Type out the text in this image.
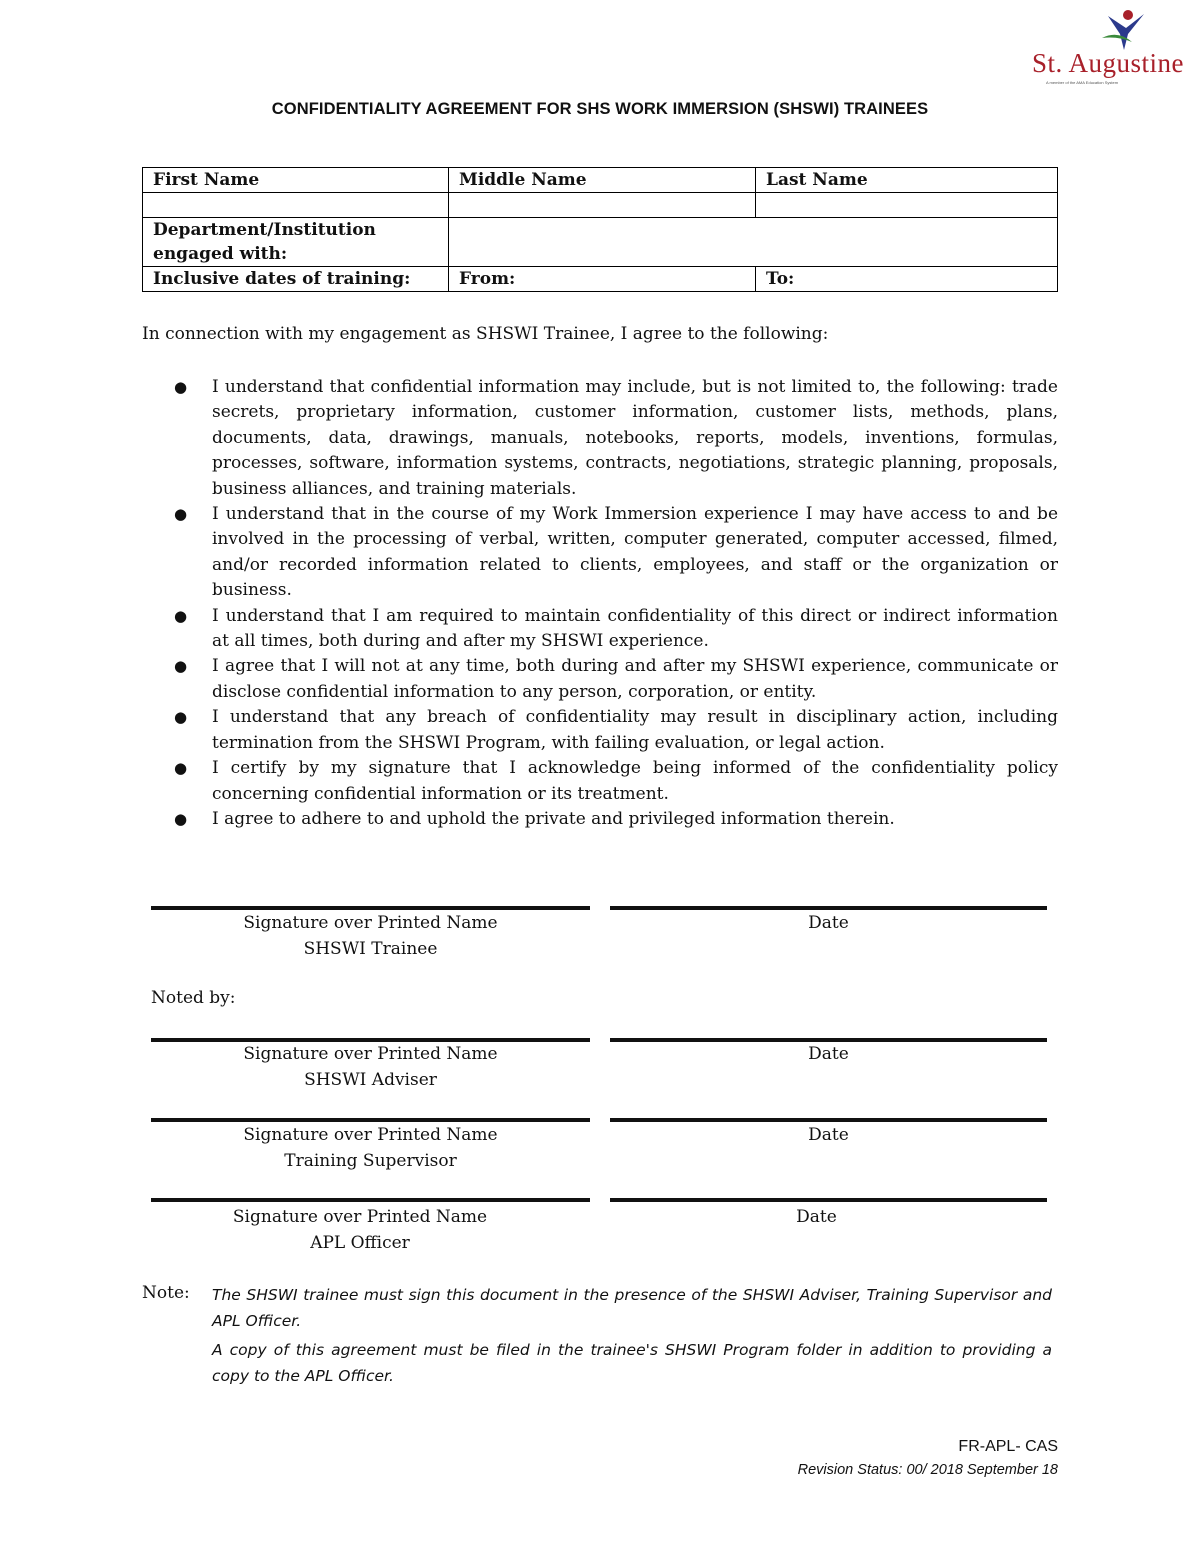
St. Augustine
A member of the AMA Education System
CONFIDENTIALITY AGREEMENT FOR SHS WORK IMMERSION (SHSWI) TRAINEES
First Name	Middle Name	Last Name

Department/Institution
engaged with:		

Inclusive dates of training:	From:	To:
In connection with my engagement as SHSWI Trainee, I agree to the following:
● I understand that confidential information may include, but is not limited to, the following: trade secrets, proprietary information, customer information, customer lists, methods, plans, documents, data, drawings, manuals, notebooks, reports, models, inventions, formulas, processes, software, information systems, contracts, negotiations, strategic planning, proposals, business alliances, and training materials.
● I understand that in the course of my Work Immersion experience I may have access to and be involved in the processing of verbal, written, computer generated, computer accessed, filmed, and/or recorded information related to clients, employees, and staff or the organization or business.
● I understand that I am required to maintain confidentiality of this direct or indirect information at all times, both during and after my SHSWI experience.
● I agree that I will not at any time, both during and after my SHSWI experience, communicate or disclose confidential information to any person, corporation, or entity.
● I understand that any breach of confidentiality may result in disciplinary action, including termination from the SHSWI Program, with failing evaluation, or legal action.
● I certify by my signature that I acknowledge being informed of the confidentiality policy concerning confidential information or its treatment.
● I agree to adhere to and uphold the private and privileged information therein.
Signature over Printed Name
SHSWI Trainee
Date
Noted by:
Signature over Printed Name
SHSWI Adviser
Date
Signature over Printed Name
Training Supervisor
Date
Signature over Printed Name
APL Officer
Date
Note: The SHSWI trainee must sign this document in the presence of the SHSWI Adviser, Training Supervisor and APL Officer.
A copy of this agreement must be filed in the trainee's SHSWI Program folder in addition to providing a copy to the APL Officer.
FR-APL- CAS
Revision Status: 00/ 2018 September 18
